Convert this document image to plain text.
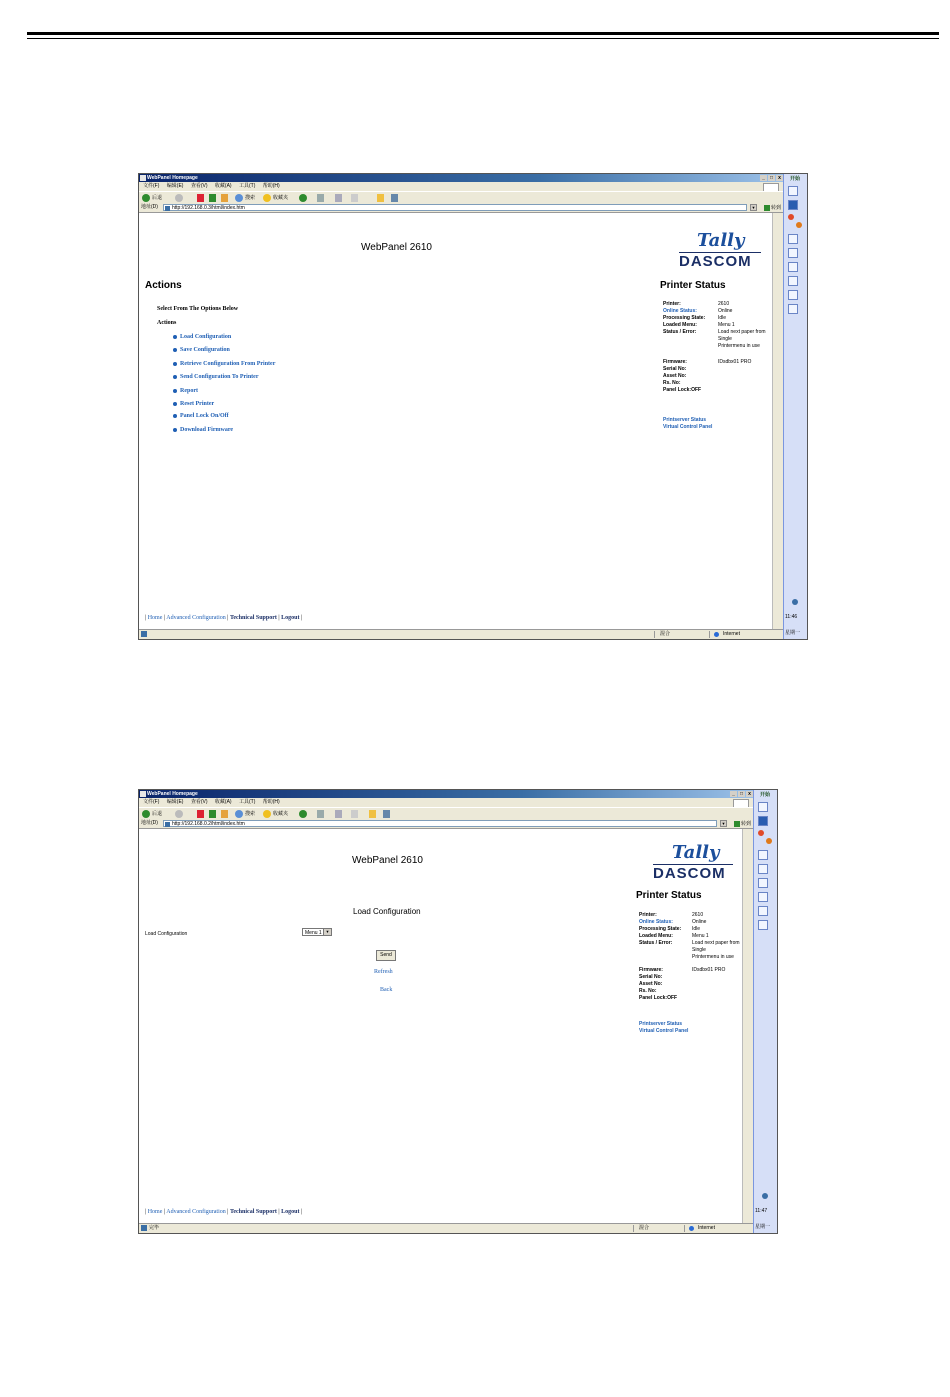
WebPanel Homepage	_	□	x
文件(F) 编辑(E) 查看(V) 收藏(A) 工具(T) 帮助(H)
后退	搜索	收藏夹
地址(D)	http://192.168.0.3/html/index.htm	▼	转到
WebPanel 2610	Tally
DASCOM
Actions
Select From The Options Below
Actions
Load Configuration
Save Configuration
Retrieve Configuration From Printer
Send Configuration To Printer
Report
Reset Printer
Panel Lock On/Off
Download Firmware
Printer Status
Printer:	2610
Online Status:	Online
Processing State:	Idle
Loaded Menu:	Menu 1
Status / Error:	Load next paper from
Single
Printermenu in use
Firmware:	IDsdbx01 PRO
Serial No:
Asset No:
Rs. No:
Panel Lock:OFF
Printserver Status
Virtual Control Panel
| Home | Advanced Configuration | Technical Support | Logout |
混合	Internet
开始
11:46
星期一
WebPanel Homepage	_	□	x
文件(F) 编辑(E) 查看(V) 收藏(A) 工具(T) 帮助(H)
后退	搜索	收藏夹
地址(D)	http://192.168.0.2/html/index.htm	▼	转到
WebPanel 2610	Tally
DASCOM
Load Configuration
Load Configuration	Menu 1 ▼
Send
Refresh
Back
Printer Status
Printer:	2610
Online Status:	Online
Processing State: Idle
Loaded Menu:	Menu 1
Status / Error:	Load next paper from
Single
Printermenu in use
Firmware:	IDsdbx01 PRO
Serial No:
Asset No:
Rs. No:
Panel Lock:OFF
Printserver Status
Virtual Control Panel
| Home | Advanced Configuration | Technical Support | Logout |
完毕	混合	Internet
开始
11:47
星期一
